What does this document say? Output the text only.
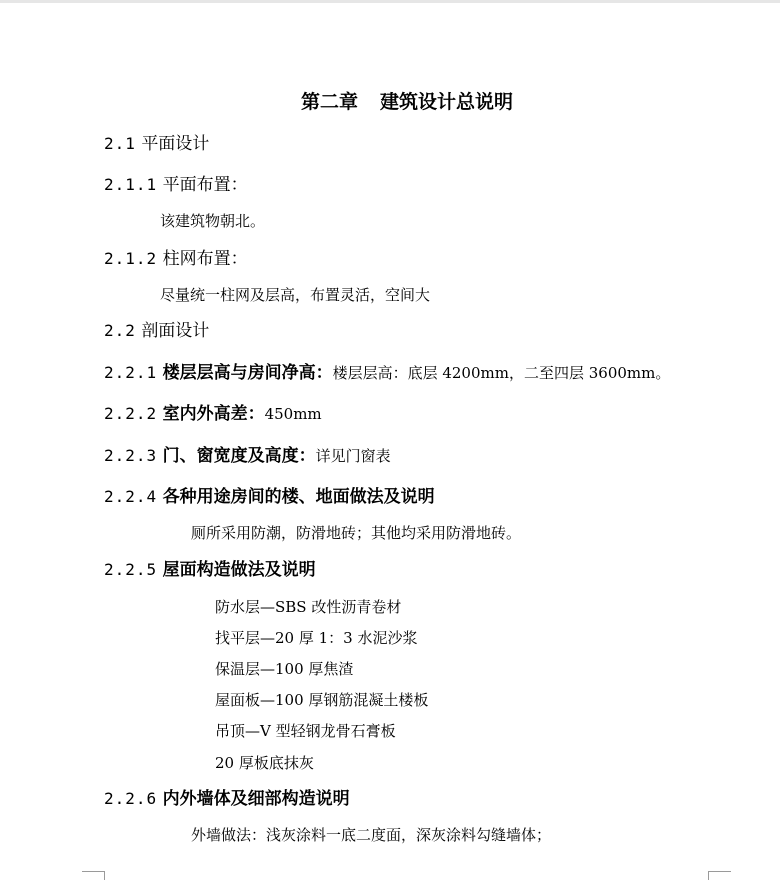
第二章 建筑设计总说明
2.1 平面设计
2.1.1 平面布置：
该建筑物朝北。
2.1.2 柱网布置：
尽量统一柱网及层高，布置灵活，空间大
2.2 剖面设计
2.2.1 楼层层高与房间净高：楼层层高：底层 4200mm，二至四层 3600mm。
2.2.2 室内外高差：450mm
2.2.3 门、窗宽度及高度：详见门窗表
2.2.4 各种用途房间的楼、地面做法及说明
厕所采用防潮，防滑地砖；其他均采用防滑地砖。
2.2.5 屋面构造做法及说明
防水层—SBS 改性沥青卷材
找平层—20 厚 1：3 水泥沙浆
保温层—100 厚焦渣
屋面板—100 厚钢筋混凝土楼板
吊顶—V 型轻钢龙骨石膏板
20 厚板底抹灰
2.2.6 内外墙体及细部构造说明
外墙做法：浅灰涂料一底二度面，深灰涂料勾缝墙体；
